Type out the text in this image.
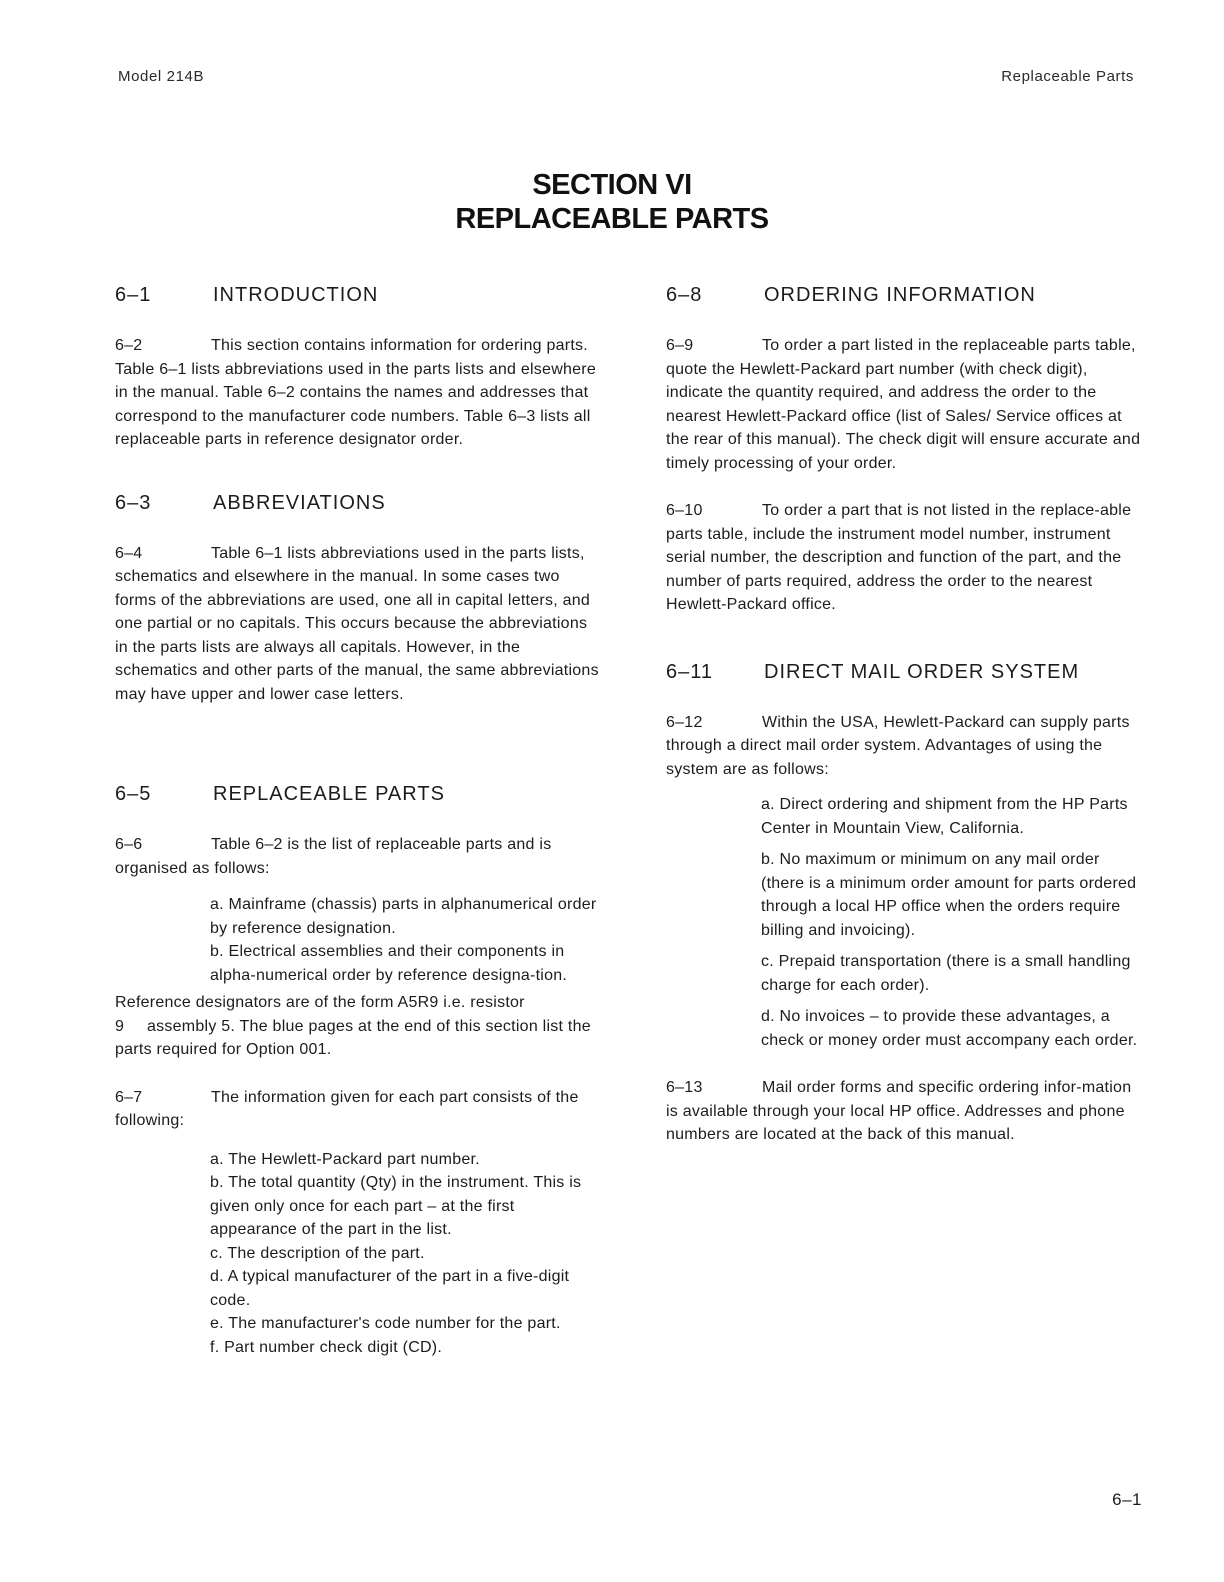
Model 214B	Replaceable Parts
SECTION VI
REPLACEABLE PARTS
6–1	INTRODUCTION

6–2	This section contains information for ordering parts. Table 6–1 lists abbreviations used in the parts lists and elsewhere in the manual. Table 6–2 contains the names and addresses that correspond to the manufacturer code numbers. Table 6–3 lists all replaceable parts in reference designator order.

6–3	ABBREVIATIONS

6–4	Table 6–1 lists abbreviations used in the parts lists, schematics and elsewhere in the manual. In some cases two forms of the abbreviations are used, one all in capital letters, and one partial or no capitals. This occurs because the abbreviations in the parts lists are always all capitals. However, in the schematics and other parts of the manual, the same abbreviations may have upper and lower case letters.

6–5	REPLACEABLE PARTS

6–6	Table 6–2 is the list of replaceable parts and is organised as follows:

a. Mainframe (chassis) parts in alphanumerical order by reference designation.
b. Electrical assemblies and their components in alpha-numerical order by reference designa-tion.

Reference designators are of the form A5R9 i.e. resistor
9 assembly 5. The blue pages at the end of this section list the parts required for Option 001.

6–7	The information given for each part consists of the following:

a. The Hewlett-Packard part number.
b. The total quantity (Qty) in the instrument. This is given only once for each part – at the first appearance of the part in the list.
c. The description of the part.
d. A typical manufacturer of the part in a five-digit code.
e. The manufacturer's code number for the part.
f. Part number check digit (CD).
6–8	ORDERING INFORMATION

6–9	To order a part listed in the replaceable parts table, quote the Hewlett-Packard part number (with check digit), indicate the quantity required, and address the order to the nearest Hewlett-Packard office (list of Sales/ Service offices at the rear of this manual). The check digit will ensure accurate and timely processing of your order.

6–10	To order a part that is not listed in the replace-able parts table, include the instrument model number, instrument serial number, the description and function of the part, and the number of parts required, address the order to the nearest Hewlett-Packard office.

6–11	DIRECT MAIL ORDER SYSTEM

6–12	Within the USA, Hewlett-Packard can supply parts through a direct mail order system. Advantages of using the system are as follows:

a. Direct ordering and shipment from the HP Parts Center in Mountain View, California.
b. No maximum or minimum on any mail order (there is a minimum order amount for parts ordered through a local HP office when the orders require billing and invoicing).
c. Prepaid transportation (there is a small handling charge for each order).
d. No invoices – to provide these advantages, a check or money order must accompany each order.

6–13	Mail order forms and specific ordering infor-mation is available through your local HP office. Addresses and phone numbers are located at the back of this manual.

6–1
